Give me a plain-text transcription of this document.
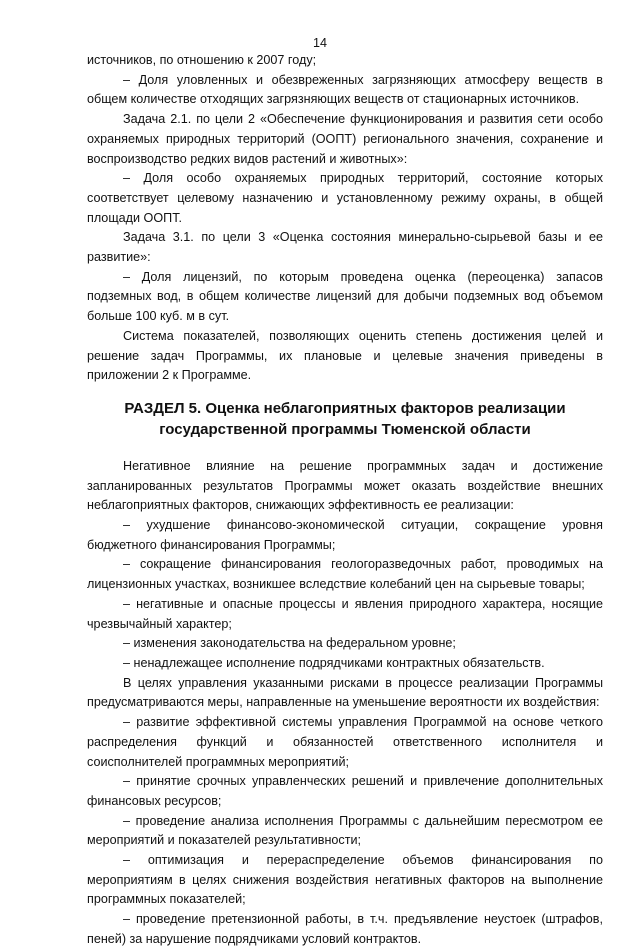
14

источников, по отношению к 2007 году;

– Доля уловленных и обезвреженных загрязняющих атмосферу веществ в общем количестве отходящих загрязняющих веществ от стационарных источников.

Задача 2.1. по цели 2 «Обеспечение функционирования и развития сети особо охраняемых природных территорий (ООПТ) регионального значения, сохранение и воспроизводство редких видов растений и животных»:

– Доля особо охраняемых природных территорий, состояние которых соответствует целевому назначению и установленному режиму охраны, в общей площади ООПТ.

Задача 3.1. по цели 3 «Оценка состояния минерально-сырьевой базы и ее развитие»:

– Доля лицензий, по которым проведена оценка (переоценка) запасов подземных вод, в общем количестве лицензий для добычи подземных вод объемом больше 100 куб. м в сут.

Система показателей, позволяющих оценить степень достижения целей и решение задач Программы, их плановые и целевые значения приведены в приложении 2 к Программе.

РАЗДЕЛ 5. Оценка неблагоприятных факторов реализации
государственной программы Тюменской области

Негативное влияние на решение программных задач и достижение запланированных результатов Программы может оказать воздействие внешних неблагоприятных факторов, снижающих эффективность ее реализации:

– ухудшение финансово-экономической ситуации, сокращение уровня бюджетного финансирования Программы;

– сокращение финансирования геологоразведочных работ, проводимых на лицензионных участках, возникшее вследствие колебаний цен на сырьевые товары;

– негативные и опасные процессы и явления природного характера, носящие чрезвычайный характер;

– изменения законодательства на федеральном уровне;

– ненадлежащее исполнение подрядчиками контрактных обязательств.

В целях управления указанными рисками в процессе реализации Программы предусматриваются меры, направленные на уменьшение вероятности их воздействия:

– развитие эффективной системы управления Программой на основе четкого распределения функций и обязанностей ответственного исполнителя и соисполнителей программных мероприятий;

– принятие срочных управленческих решений и привлечение дополнительных финансовых ресурсов;

– проведение анализа исполнения Программы с дальнейшим пересмотром ее мероприятий и показателей результативности;

– оптимизация и перераспределение объемов финансирования по мероприятиям в целях снижения воздействия негативных факторов на выполнение программных показателей;

– проведение претензионной работы, в т.ч. предъявление неустоек (штрафов, пеней) за нарушение подрядчиками условий контрактов.
